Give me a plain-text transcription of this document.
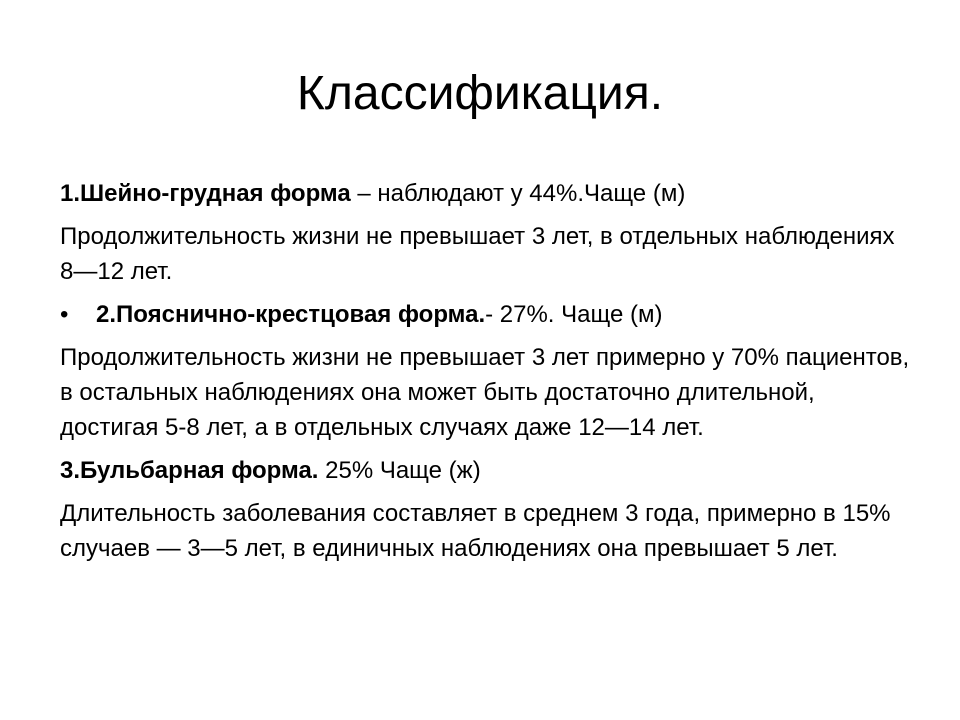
Классификация.

1.Шейно-грудная форма – наблюдают у 44%.Чаще (м)

Продолжительность жизни не превышает 3 лет, в отдельных наблюдениях 8—12 лет.

•	2.Пояснично-крестцовая форма.- 27%. Чаще (м)

Продолжительность жизни не превышает 3 лет примерно у 70% пациентов, в остальных наблюдениях она может быть достаточно длительной, достигая 5-8 лет, а в отдельных случаях даже 12—14 лет.

3.Бульбарная форма. 25% Чаще (ж)

Длительность заболевания составляет в среднем 3 года, примерно в 15% случаев — 3—5 лет, в единичных наблюдениях она превышает 5 лет.
